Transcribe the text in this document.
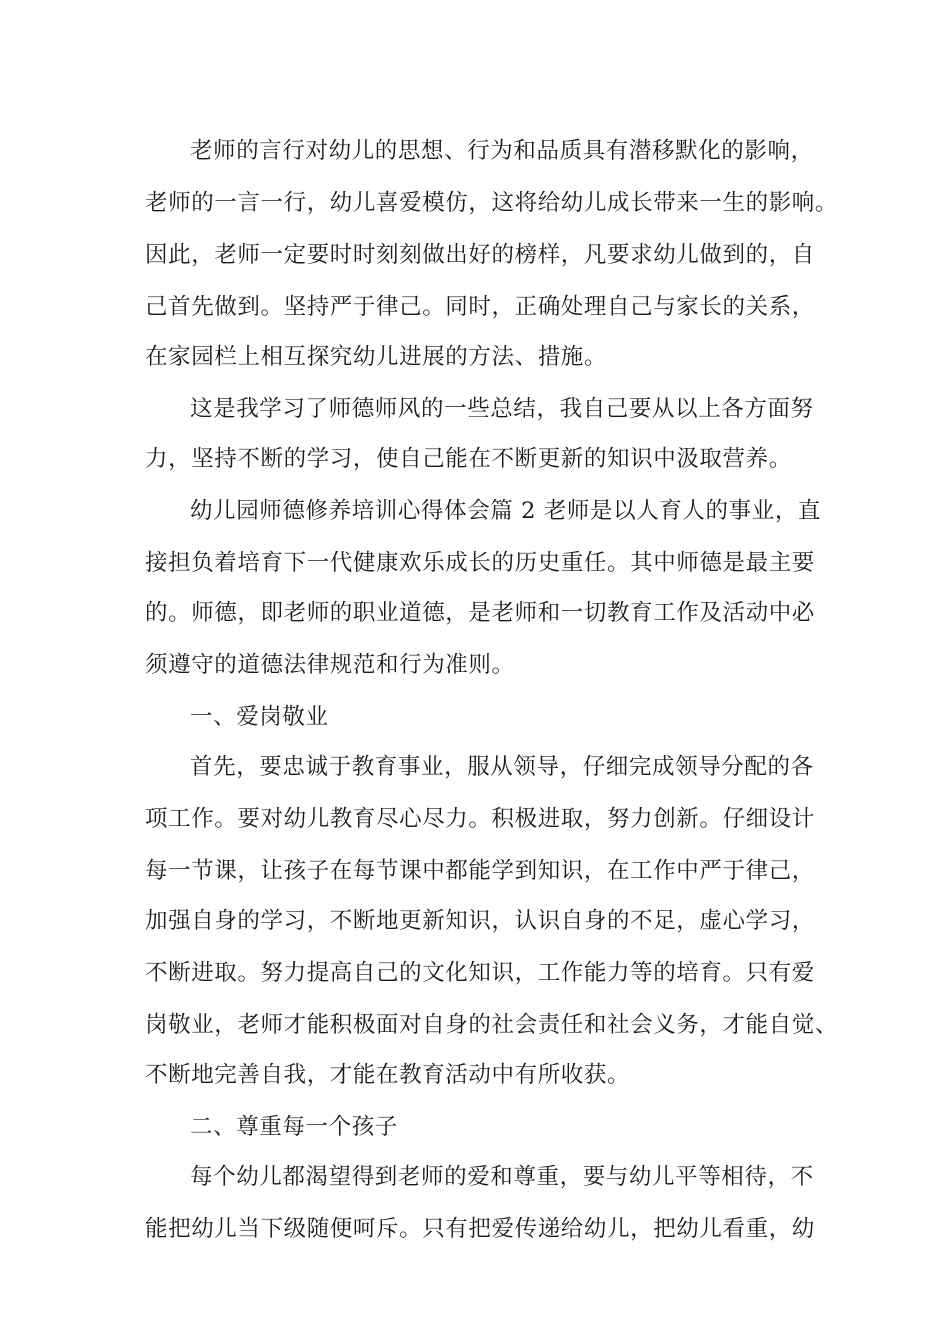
老师的言行对幼儿的思想、行为和品质具有潜移默化的影响，
老师的一言一行，幼儿喜爱模仿，这将给幼儿成长带来一生的影响。
因此，老师一定要时时刻刻做出好的榜样，凡要求幼儿做到的，自
己首先做到。坚持严于律己。同时，正确处理自己与家长的关系，
在家园栏上相互探究幼儿进展的方法、措施。
这是我学习了师德师风的一些总结，我自己要从以上各方面努
力，坚持不断的学习，使自己能在不断更新的知识中汲取营养。
幼儿园师德修养培训心得体会篇 2 老师是以人育人的事业，直
接担负着培育下一代健康欢乐成长的历史重任。其中师德是最主要
的。师德，即老师的职业道德，是老师和一切教育工作及活动中必
须遵守的道德法律规范和行为准则。
一、爱岗敬业
首先，要忠诚于教育事业，服从领导，仔细完成领导分配的各
项工作。要对幼儿教育尽心尽力。积极进取，努力创新。仔细设计
每一节课，让孩子在每节课中都能学到知识，在工作中严于律己，
加强自身的学习，不断地更新知识，认识自身的不足，虚心学习，
不断进取。努力提高自己的文化知识，工作能力等的培育。只有爱
岗敬业，老师才能积极面对自身的社会责任和社会义务，才能自觉、
不断地完善自我，才能在教育活动中有所收获。
二、尊重每一个孩子
每个幼儿都渴望得到老师的爱和尊重，要与幼儿平等相待，不
能把幼儿当下级随便呵斥。只有把爱传递给幼儿，把幼儿看重，幼
